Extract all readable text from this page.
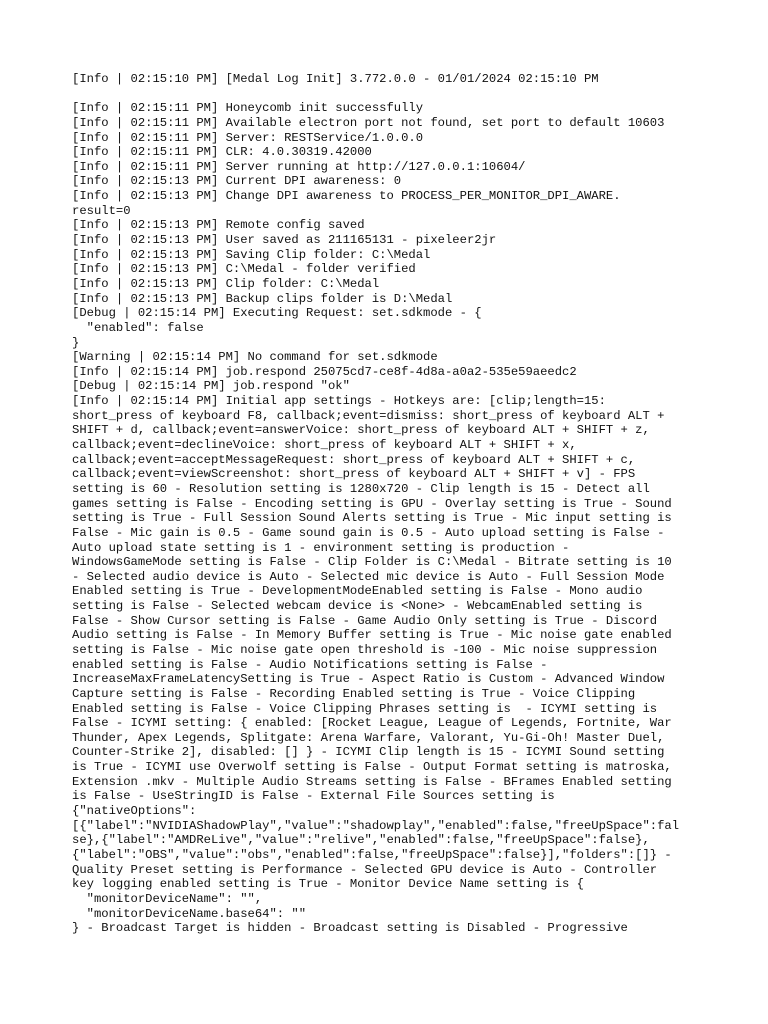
[Info | 02:15:10 PM] [Medal Log Init] 3.772.0.0 - 01/01/2024 02:15:10 PM
[Info | 02:15:11 PM] Honeycomb init successfully
[Info | 02:15:11 PM] Available electron port not found, set port to default 10603
[Info | 02:15:11 PM] Server: RESTService/1.0.0.0
[Info | 02:15:11 PM] CLR: 4.0.30319.42000
[Info | 02:15:11 PM] Server running at http://127.0.0.1:10604/
[Info | 02:15:13 PM] Current DPI awareness: 0
[Info | 02:15:13 PM] Change DPI awareness to PROCESS_PER_MONITOR_DPI_AWARE.
result=0
[Info | 02:15:13 PM] Remote config saved
[Info | 02:15:13 PM] User saved as 211165131 - pixeleer2jr
[Info | 02:15:13 PM] Saving Clip folder: C:\Medal
[Info | 02:15:13 PM] C:\Medal - folder verified
[Info | 02:15:13 PM] Clip folder: C:\Medal
[Info | 02:15:13 PM] Backup clips folder is D:\Medal
[Debug | 02:15:14 PM] Executing Request: set.sdkmode - {
"enabled": false
}
[Warning | 02:15:14 PM] No command for set.sdkmode
[Info | 02:15:14 PM] job.respond 25075cd7-ce8f-4d8a-a0a2-535e59aeedc2
[Debug | 02:15:14 PM] job.respond "ok"
[Info | 02:15:14 PM] Initial app settings - Hotkeys are: [clip;length=15:
short_press of keyboard F8, callback;event=dismiss: short_press of keyboard ALT +
SHIFT + d, callback;event=answerVoice: short_press of keyboard ALT + SHIFT + z,
callback;event=declineVoice: short_press of keyboard ALT + SHIFT + x,
callback;event=acceptMessageRequest: short_press of keyboard ALT + SHIFT + c,
callback;event=viewScreenshot: short_press of keyboard ALT + SHIFT + v] - FPS
setting is 60 - Resolution setting is 1280x720 - Clip length is 15 - Detect all
games setting is False - Encoding setting is GPU - Overlay setting is True - Sound
setting is True - Full Session Sound Alerts setting is True - Mic input setting is
False - Mic gain is 0.5 - Game sound gain is 0.5 - Auto upload setting is False -
Auto upload state setting is 1 - environment setting is production -
WindowsGameMode setting is False - Clip Folder is C:\Medal - Bitrate setting is 10
- Selected audio device is Auto - Selected mic device is Auto - Full Session Mode
Enabled setting is True - DevelopmentModeEnabled setting is False - Mono audio
setting is False - Selected webcam device is <None> - WebcamEnabled setting is
False - Show Cursor setting is False - Game Audio Only setting is True - Discord
Audio setting is False - In Memory Buffer setting is True - Mic noise gate enabled
setting is False - Mic noise gate open threshold is -100 - Mic noise suppression
enabled setting is False - Audio Notifications setting is False -
IncreaseMaxFrameLatencySetting is True - Aspect Ratio is Custom - Advanced Window
Capture setting is False - Recording Enabled setting is True - Voice Clipping
Enabled setting is False - Voice Clipping Phrases setting is  - ICYMI setting is
False - ICYMI setting: { enabled: [Rocket League, League of Legends, Fortnite, War
Thunder, Apex Legends, Splitgate: Arena Warfare, Valorant, Yu-Gi-Oh! Master Duel,
Counter-Strike 2], disabled: [] } - ICYMI Clip length is 15 - ICYMI Sound setting
is True - ICYMI use Overwolf setting is False - Output Format setting is matroska,
Extension .mkv - Multiple Audio Streams setting is False - BFrames Enabled setting
is False - UseStringID is False - External File Sources setting is
{"nativeOptions":
[{"label":"NVIDIAShadowPlay","value":"shadowplay","enabled":false,"freeUpSpace":fal
se},{"label":"AMDReLive","value":"relive","enabled":false,"freeUpSpace":false},
{"label":"OBS","value":"obs","enabled":false,"freeUpSpace":false}],"folders":[]} -
Quality Preset setting is Performance - Selected GPU device is Auto - Controller
key logging enabled setting is True - Monitor Device Name setting is {
"monitorDeviceName": "",
"monitorDeviceName.base64": ""
} - Broadcast Target is hidden - Broadcast setting is Disabled - Progressive
